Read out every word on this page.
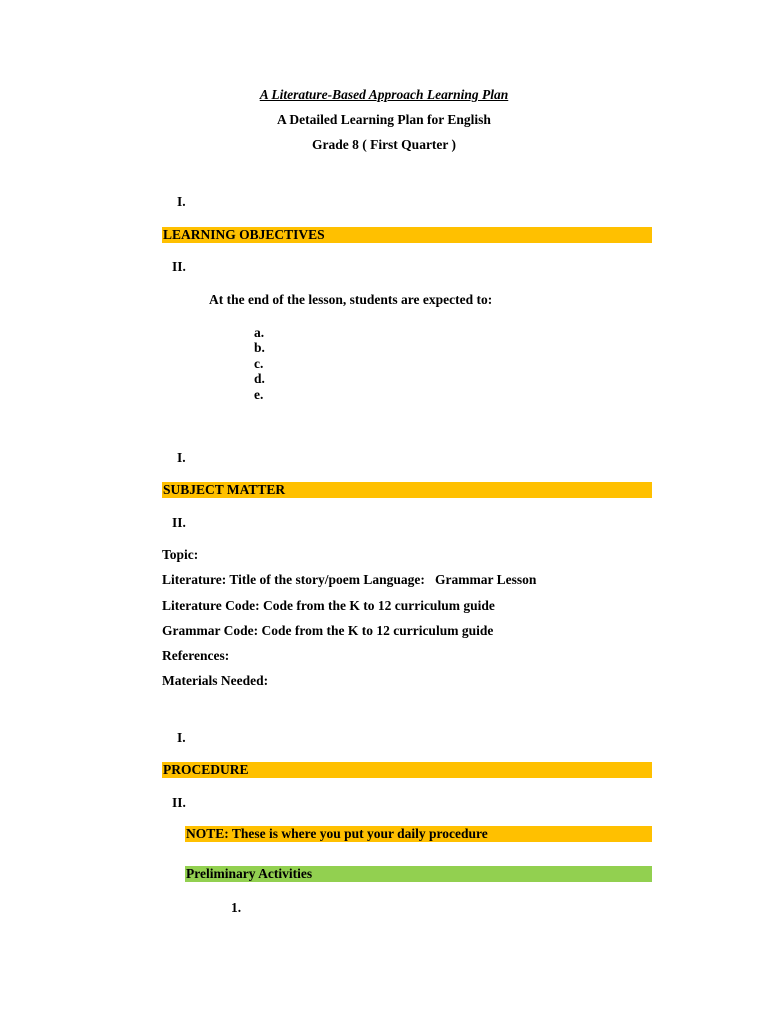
A Literature-Based Approach Learning Plan
A Detailed Learning Plan for English
Grade 8 ( First Quarter )
I.
LEARNING OBJECTIVES
II.
At the end of the lesson, students are expected to:
a.
b.
c.
d.
e.
I.
SUBJECT MATTER
II.
Topic:
Literature: Title of the story/poem Language:   Grammar Lesson
Literature Code: Code from the K to 12 curriculum guide
Grammar Code: Code from the K to 12 curriculum guide
References:
Materials Needed:
I.
PROCEDURE
II.
NOTE: These is where you put your daily procedure
Preliminary Activities
1.
